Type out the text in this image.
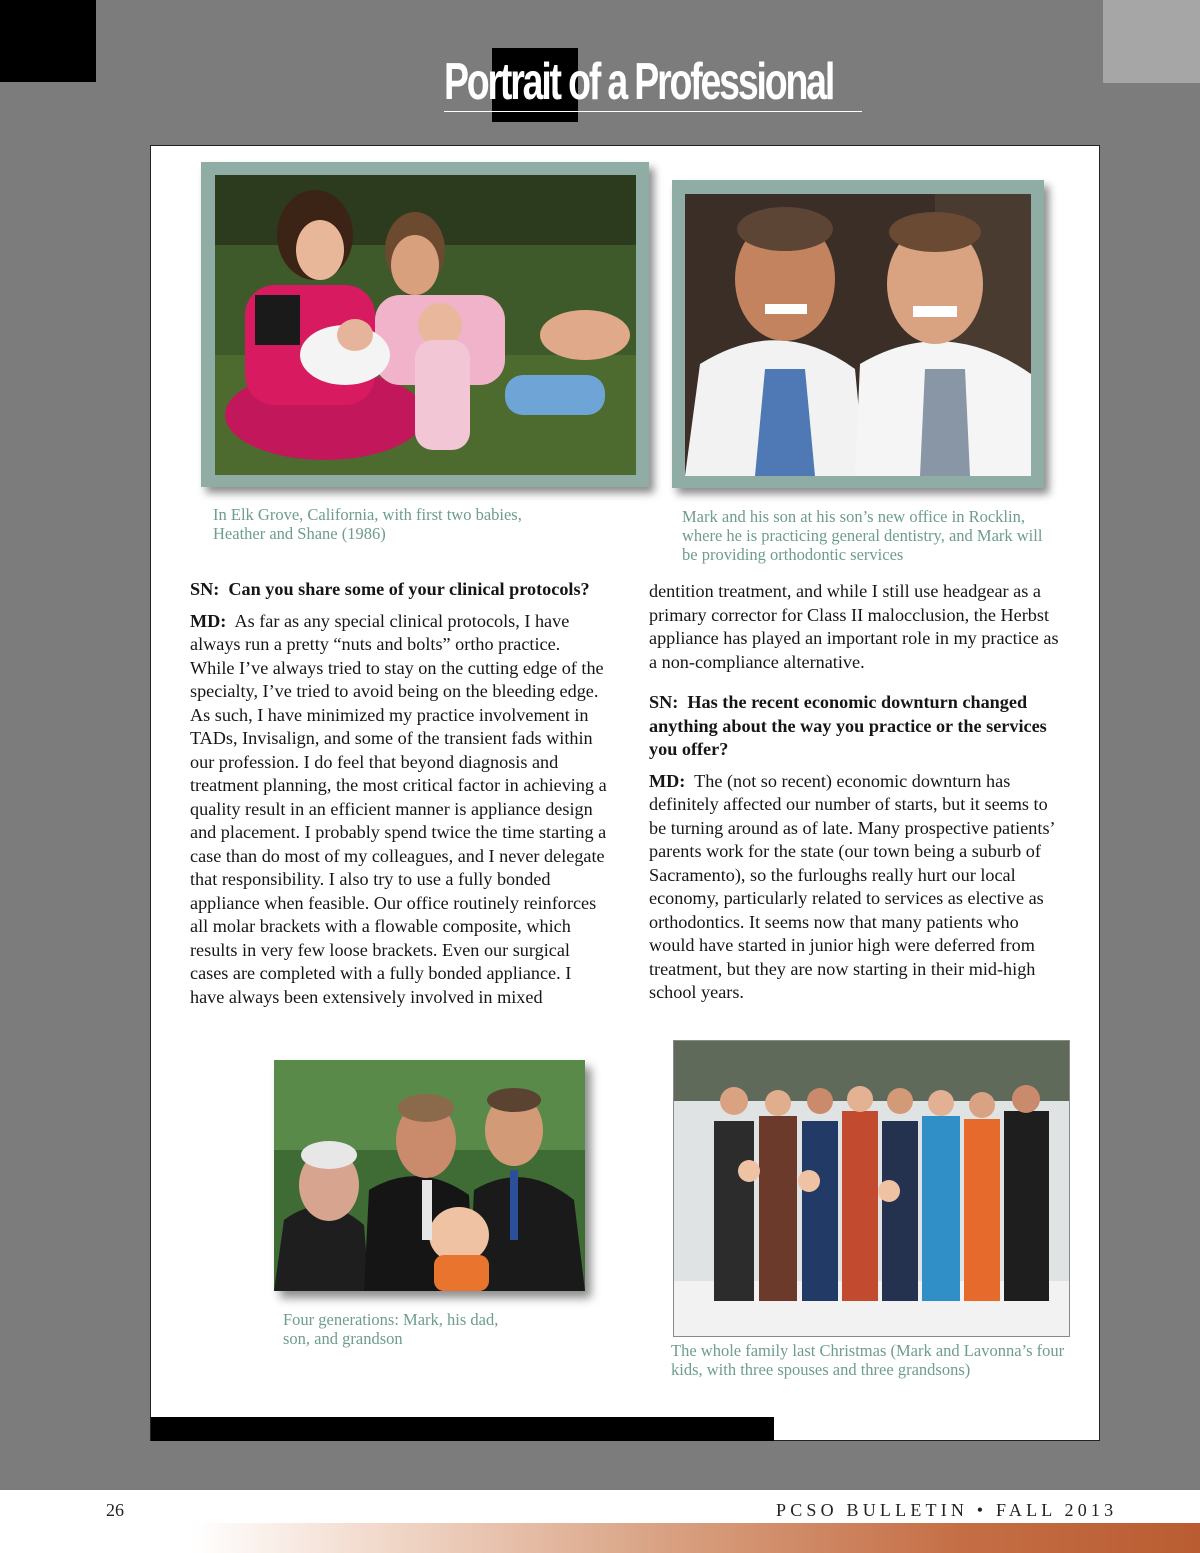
Portrait of a Professional
In Elk Grove, California, with first two babies, Heather and Shane (1986)
Mark and his son at his son’s new office in Rocklin, where he is practicing general dentistry, and Mark will be providing orthodontic services

SN: Can you share some of your clinical protocols?

MD: As far as any special clinical protocols, I have always run a pretty “nuts and bolts” ortho practice. While I’ve always tried to stay on the cutting edge of the specialty, I’ve tried to avoid being on the bleeding edge. As such, I have minimized my practice involvement in TADs, Invisalign, and some of the transient fads within our profession. I do feel that beyond diagnosis and treatment planning, the most critical factor in achieving a quality result in an efficient manner is appliance design and placement. I probably spend twice the time starting a case than do most of my colleagues, and I never delegate that responsibility. I also try to use a fully bonded appliance when feasible. Our office routinely reinforces all molar brackets with a flowable composite, which results in very few loose brackets. Even our surgical cases are completed with a fully bonded appliance. I have always been extensively involved in mixed

dentition treatment, and while I still use headgear as a primary corrector for Class II malocclusion, the Herbst appliance has played an important role in my practice as a non-compliance alternative.

SN: Has the recent economic downturn changed anything about the way you practice or the services you offer?

MD: The (not so recent) economic downturn has definitely affected our number of starts, but it seems to be turning around as of late. Many prospective patients’ parents work for the state (our town being a suburb of Sacramento), so the furloughs really hurt our local economy, particularly related to services as elective as orthodontics. It seems now that many patients who would have started in junior high were deferred from treatment, but they are now starting in their mid-high school years.

Four generations: Mark, his dad, son, and grandson
The whole family last Christmas (Mark and Lavonna’s four kids, with three spouses and three grandsons)
26	PCSO BULLETIN • FALL 2013
